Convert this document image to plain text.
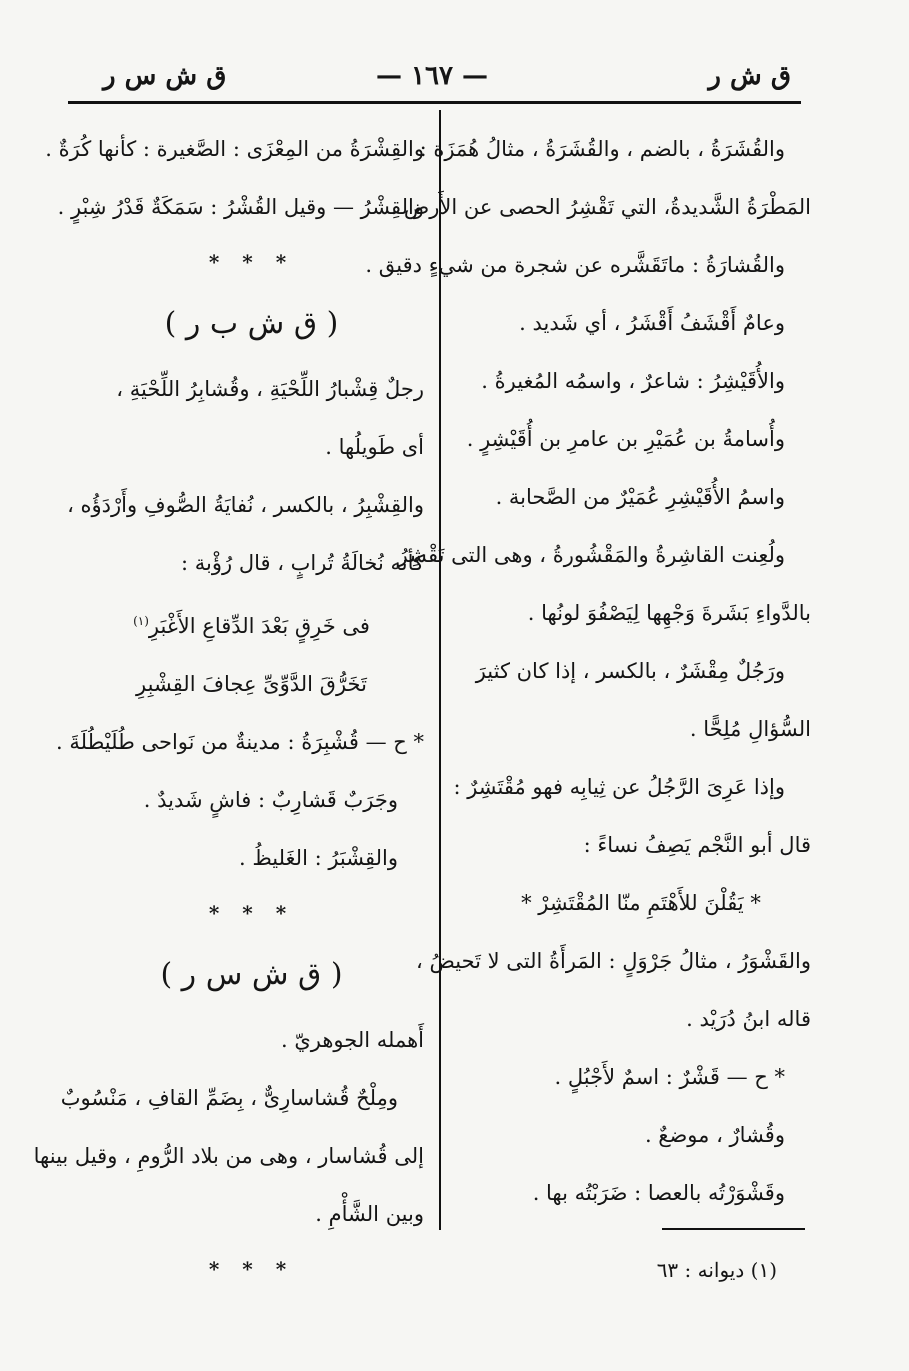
ق ش ر
— ١٦٧ —
ق ش س ر

والقُشَرَةُ ، بالضم ، والقُشَرَةُ ، مثالُ هُمَزَة :

المَطْرَةُ الشَّديدةُ، التي تَقْشِرُ الحصى عن الأَرض .

والقُشارَةُ : ماتَقَشَّره عن شجرة من شيءٍ دقيق .

وعامٌ أَقْشَفُ أَقْشَرُ ، أي شَديد .

والأُقَيْشِرُ : شاعرٌ ، واسمُه المُغيرةُ .

وأُسامةُ بن عُمَيْرِ بن عامرِ بن أُقَيْشِرٍ .

واسمُ الأُقَيْشِرِ عُمَيْرٌ من الصَّحابة .

ولُعِنت القاشِرةُ والمَقْشُورةُ ، وهى التى تَقْشِرُ

بالدَّواءِ بَشَرةَ وَجْهِها لِيَصْفُوَ لونُها .

ورَجُلٌ مِقْشَرٌ ، بالكسر ، إذا كان كثيرَ

السُّؤالِ مُلِحًّا .

وإذا عَرِىَ الرَّجُلُ عن ثِيابِه فهو مُقْتَشِرٌ :

قال أبو النَّجْم يَصِفُ نساءً :

* يَقُلْنَ للأَهْتَمِ منّا المُقْتَشِرْ *

والقَشْوَرُ ، مثالُ جَرْوَلٍ : المَرأَةُ التى لا تَحيضُ ،

قاله ابنُ دُرَيْد .

* ح — قَشْرٌ : اسمٌ لأَجْبُلٍ .

وقُشارٌ ، موضعٌ .

وقَشْوَرْتُه بالعصا : ضَرَبْتُه بها .

والقِشْرَةُ من المِعْزَى : الصَّغيرة : كأنها كُرَةٌ .

والقِشْرُ — وقيل القُشْرُ : سَمَكَةٌ قَدْرُ شِبْرٍ .

* * *

( ق ش ب ر )

رجلٌ قِشْبارُ اللِّحْيَةِ ، وقُشابِرُ اللِّحْيَةِ ،

أى طَويلُها .

والقِشْبِرُ ، بالكسر ، نُفايَةُ الصُّوفِ وأَرْدَؤُه ،

كأنه نُخالَةُ تُرابٍ ، قال رُؤْبة :

فى خَرِقٍ بَعْدَ الدِّقاعِ الأَغْبَرِ$^{(١)}$

تَخَرُّقَ الدَّوِّىِّ عِجافَ القِشْبِرِ

* ح — قُشْبِرَةُ : مدينةٌ من نَواحى طُلَيْطُلَةَ .

وجَرَبٌ قَشارِبٌ : فاشٍ شَديدٌ .

والقِشْبَرُ : الغَليظُ .

* * *

( ق ش س ر )

أَهمله الجوهريّ .

ومِلْحٌ قُشاسارِىٌّ ، بِضَمِّ القافِ ، مَنْسُوبٌ

إلى قُشاسار ، وهى من بلاد الرُّومِ ، وقيل بينها

وبين الشَّأْمِ .

* * *	(١) ديوانه : ٦٣
